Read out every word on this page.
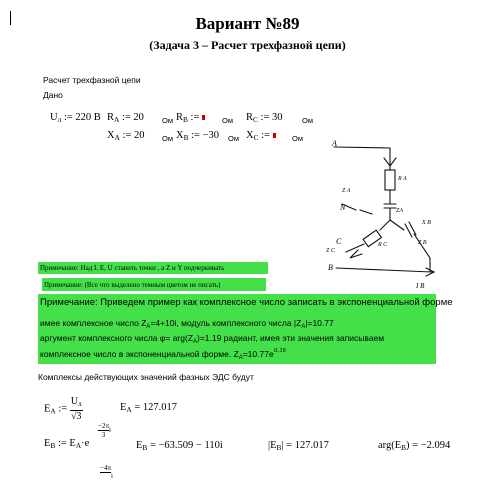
Вариант №89
(Задача 3 – Расчет трехфазной цепи)
Расчет трехфазной цепи
Дано
$U_л$ := 220 В $R_A$ := 20 Ом $R_B$ :=	Ом $R_C$ := 30	Ом
$X_A$ := 20 Ом $X_B$ := −30 Ом $X_C$ :=	Ом
A
Z A
R A
ZA
X B
N
Z B
C
Z C
R C
B
I B
Примечание: Над I, E, U ставить точки , а Z и Y подчеркивать
Примечание: (Все что выделено темным цветом не писать)
Примечание: Приведем пример как комплексное число записать в экспоненциальной форме
имее комплексное число $Z_A=4+10i$, модуль комплексного числа $|Z_A|=10.77$
аргумент комплексного числа $\varphi= arg(Z_A)=1.19$ радиант, имея эти значения записываем
комплексное число в экспоненциальной форме. $Z_A=10.77e^{i1.19}$
Комплексы действующих значений фазных ЭДС будут
$E_A$ := $\frac{U_л}{√3}$	$E_A = 127.017$
$E_B$ := $E_A\cdot e$
$\frac{-2\pi}{3}$ i
$E_B = -63.509 - 110i$	$|E_B| = 127.017$	$arg(E_B) = -2.094$
−4πi
